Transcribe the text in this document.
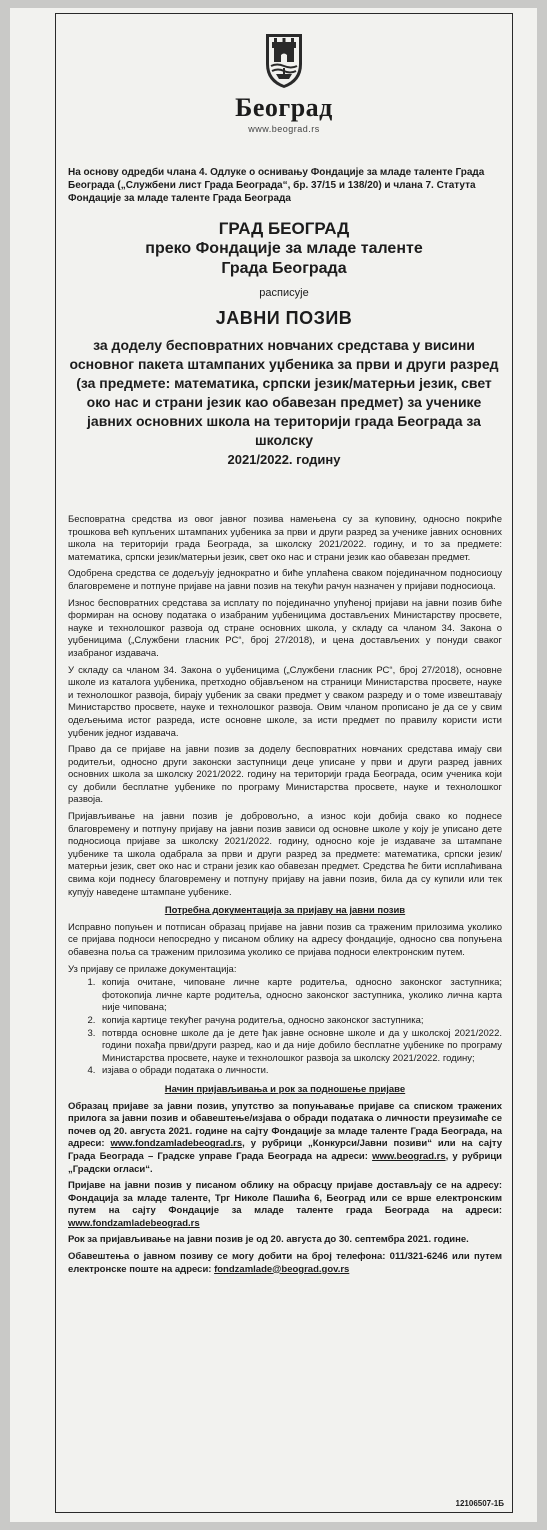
Београд
www.beograd.rs
На основу одредби члана 4. Одлуке о оснивању Фондације за младе таленте Града Београда („Службени лист Града Београда“, бр. 37/15 и 138/20) и члана 7. Статута Фондације за младе таленте Града Београда
ГРАД БЕОГРАД
преко Фондације за младе таленте
Града Београда
расписује
ЈАВНИ ПОЗИВ
за доделу бесповратних новчаних средстава у висини основног пакета штампаних уџбеника за први и други разред (за предмете: математика, српски језик/матерњи језик, свет око нас и страни језик као обавезан предмет) за ученике јавних основних школа на територији града Београда за школску
2021/2022. годину

Бесповратна средства из овог јавног позива намењена су за куповину, односно покриће трошкова већ купљених штампаних уџбеника за први и други разред за ученике јавних основних школа на територији града Београда, за школску 2021/2022. годину, и то за предмете: математика, српски језик/матерњи језик, свет око нас и страни језик као обавезан предмет.

Одобрена средства се додељују једнократно и биће уплаћена сваком појединачном подносиоцу благовремене и потпуне пријаве на јавни позив на текући рачун назначен у пријави подносиоца.

Износ бесповратних средстава за исплату по појединачно упућеној пријави на јавни позив биће формиран на основу података о изабраним уџбеницима достављених Министарству просвете, науке и технолошког развоја од стране основних школа, у складу са чланом 34. Закона о уџбеницима („Службени гласник РС“, број 27/2018), и цена достављених у понуди сваког изабраног издавача.

У складу са чланом 34. Закона о уџбеницима („Службени гласник РС“, број 27/2018), основне школе из каталога уџбеника, претходно објављеном на страници Министарства просвете, науке и технолошког развоја, бирају уџбеник за сваки предмет у сваком разреду и о томе извештавају Министарство просвете, науке и технолошког развоја. Овим чланом прописано је да се у свим одељењима истог разреда, исте основне школе, за исти предмет по правилу користи исти уџбеник једног издавача.

Право да се пријаве на јавни позив за доделу бесповратних новчаних средстава имају сви родитељи, односно други законски заступници деце уписане у први и други разред јавних основних школа за школску 2021/2022. годину на територији града Београда, осим ученика који су добили бесплатне уџбенике по програму Министарства просвете, науке и технолошког развоја.

Пријављивање на јавни позив је добровољно, а износ који добија свако ко поднесе благовремену и потпуну пријаву на јавни позив зависи од основне школе у коју је уписано дете подносиоца пријаве за школску 2021/2022. годину, односно које је издаваче за штампане уџбенике та школа одабрала за први и други разред за предмете: математика, српски језик/матерњи језик, свет око нас и страни језик као обавезан предмет. Средства ће бити исплаћивана свима који поднесу благовремену и потпуну пријаву на јавни позив, била да су купили или тек купују наведене штампане уџбенике.

Потребна документација за пријаву на јавни позив

Исправно попуњен и потписан образац пријаве на јавни позив са траженим прилозима уколико се пријава подноси непосредно у писаном облику на адресу фондације, односно сва попуњена обавезна поља са траженим прилозима уколико се пријава подноси електронским путем.

Уз пријаву се прилаже документација:

1. копија очитане, чиповане личне карте родитеља, односно законског заступника; фотокопија личне карте родитеља, односно законског заступника, уколико лична карта није чипована;
2. копија картице текућег рачуна родитеља, односно законског заступника;
3. потврда основне школе да је дете ђак јавне основне школе и да у школској 2021/2022. години похађа први/други разред, као и да није добило бесплатне уџбенике по програму Министарства просвете, науке и технолошког развоја за школску 2021/2022. годину;
4. изјава о обради података о личности.

Начин пријављивања и рок за подношење пријаве

Образац пријаве за јавни позив, упутство за попуњавање пријаве са списком тражених прилога за јавни позив и обавештење/изјава о обради података о личности преузимаће се почев од 20. августа 2021. године на сајту Фондације за младе таленте Града Београда, на адреси: www.fondzamladebeograd.rs, у рубрици „Конкурси/Јавни позиви“ или на сајту Града Београда – Градске управе Града Београда на адреси: www.beograd.rs, у рубрици „Градски огласи“.

Пријаве на јавни позив у писаном облику на обрасцу пријаве достављају се на адресу: Фондација за младе таленте, Трг Николе Пашића 6, Београд или се врше електронским путем на сајту Фондације за младе таленте града Београда на адреси: www.fondzamladebeograd.rs

Рок за пријављивање на јавни позив је од 20. августа до 30. септембра 2021. године.

Обавештења о јавном позиву се могу добити на број телефона: 011/321-6246 или путем електронске поште на адреси: fondzamlade@beograd.gov.rs

12106507-1Б
